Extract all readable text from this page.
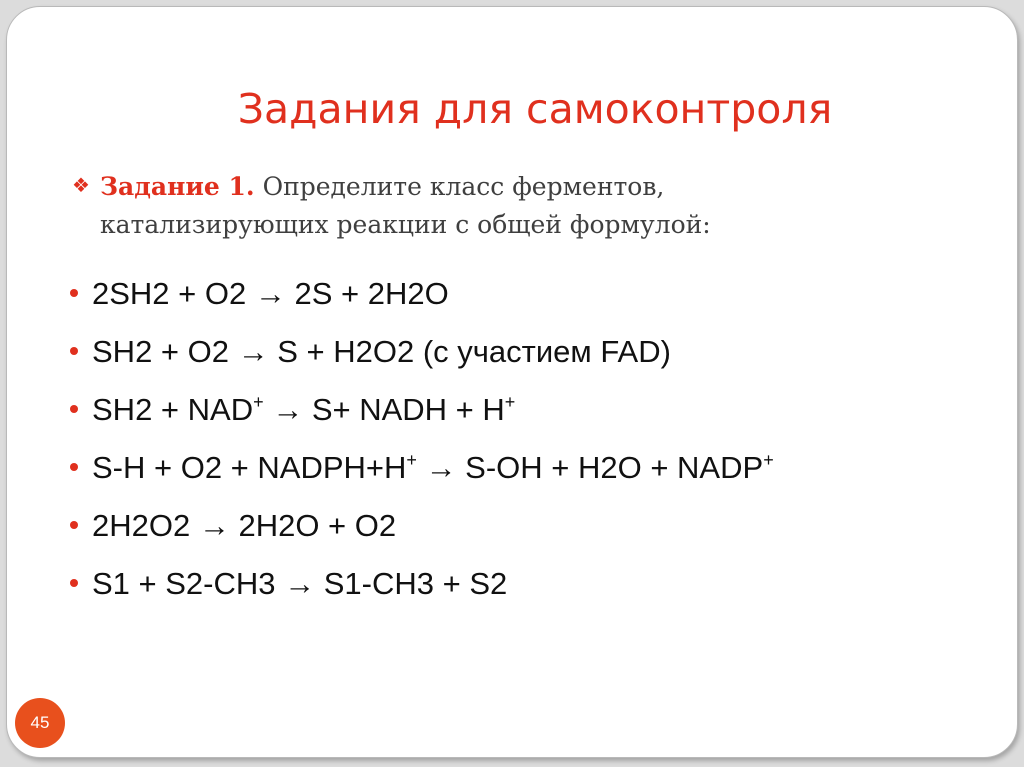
Задания для самоконтроля
❖ Задание 1. Определите класс ферментов,
катализирующих реакции с общей формулой:
2SH2 + O2 → 2S + 2H2O
SH2 + O2 → S + H2O2 (с участием FAD)
SH2 + NAD+ → S+ NADH + H+
S-H + O2 + NADPH+H+ → S-OH + H2O + NADP+
2H2O2 → 2H2O + O2
S1 + S2-CH3 → S1-CH3 + S2
45
